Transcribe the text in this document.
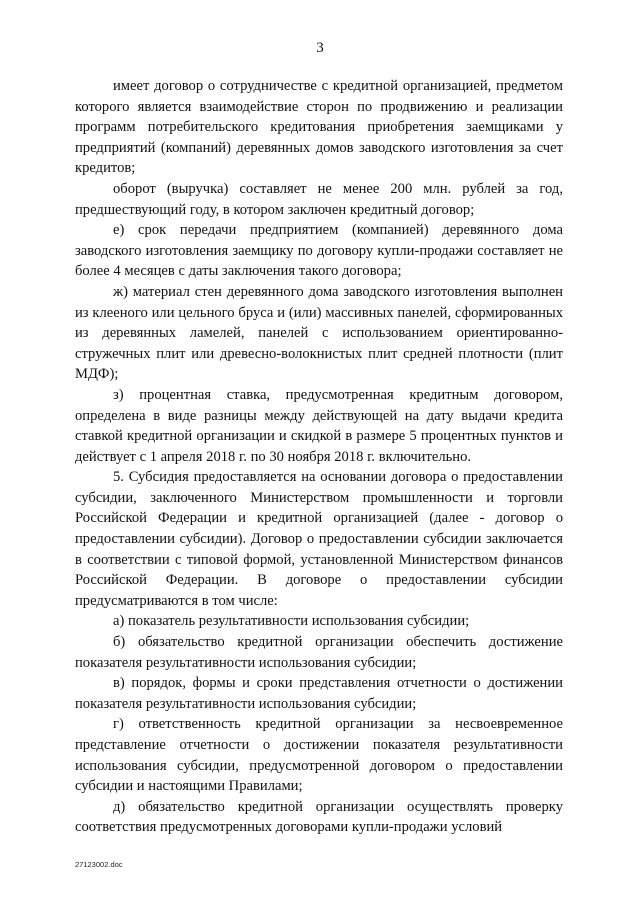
3

имеет договор о сотрудничестве с кредитной организацией, предметом которого является взаимодействие сторон по продвижению и реализации программ потребительского кредитования приобретения заемщиками у предприятий (компаний) деревянных домов заводского изготовления за счет кредитов;

оборот (выручка) составляет не менее 200 млн. рублей за год, предшествующий году, в котором заключен кредитный договор;

е) срок передачи предприятием (компанией) деревянного дома заводского изготовления заемщику по договору купли-продажи составляет не более 4 месяцев с даты заключения такого договора;

ж) материал стен деревянного дома заводского изготовления выполнен из клееного или цельного бруса и (или) массивных панелей, сформированных из деревянных ламелей, панелей с использованием ориентированно-стружечных плит или древесно-волокнистых плит средней плотности (плит МДФ);

з) процентная ставка, предусмотренная кредитным договором, определена в виде разницы между действующей на дату выдачи кредита ставкой кредитной организации и скидкой в размере 5 процентных пунктов и действует с 1 апреля 2018 г. по 30 ноября 2018 г. включительно.

5. Субсидия предоставляется на основании договора о предоставлении субсидии, заключенного Министерством промышленности и торговли Российской Федерации и кредитной организацией (далее - договор о предоставлении субсидии). Договор о предоставлении субсидии заключается в соответствии с типовой формой, установленной Министерством финансов Российской Федерации. В договоре о предоставлении субсидии предусматриваются в том числе:

а) показатель результативности использования субсидии;

б) обязательство кредитной организации обеспечить достижение показателя результативности использования субсидии;

в) порядок, формы и сроки представления отчетности о достижении показателя результативности использования субсидии;

г) ответственность кредитной организации за несвоевременное представление отчетности о достижении показателя результативности использования субсидии, предусмотренной договором о предоставлении субсидии и настоящими Правилами;

д) обязательство кредитной организации осуществлять проверку соответствия предусмотренных договорами купли-продажи условий

27123002.doc
